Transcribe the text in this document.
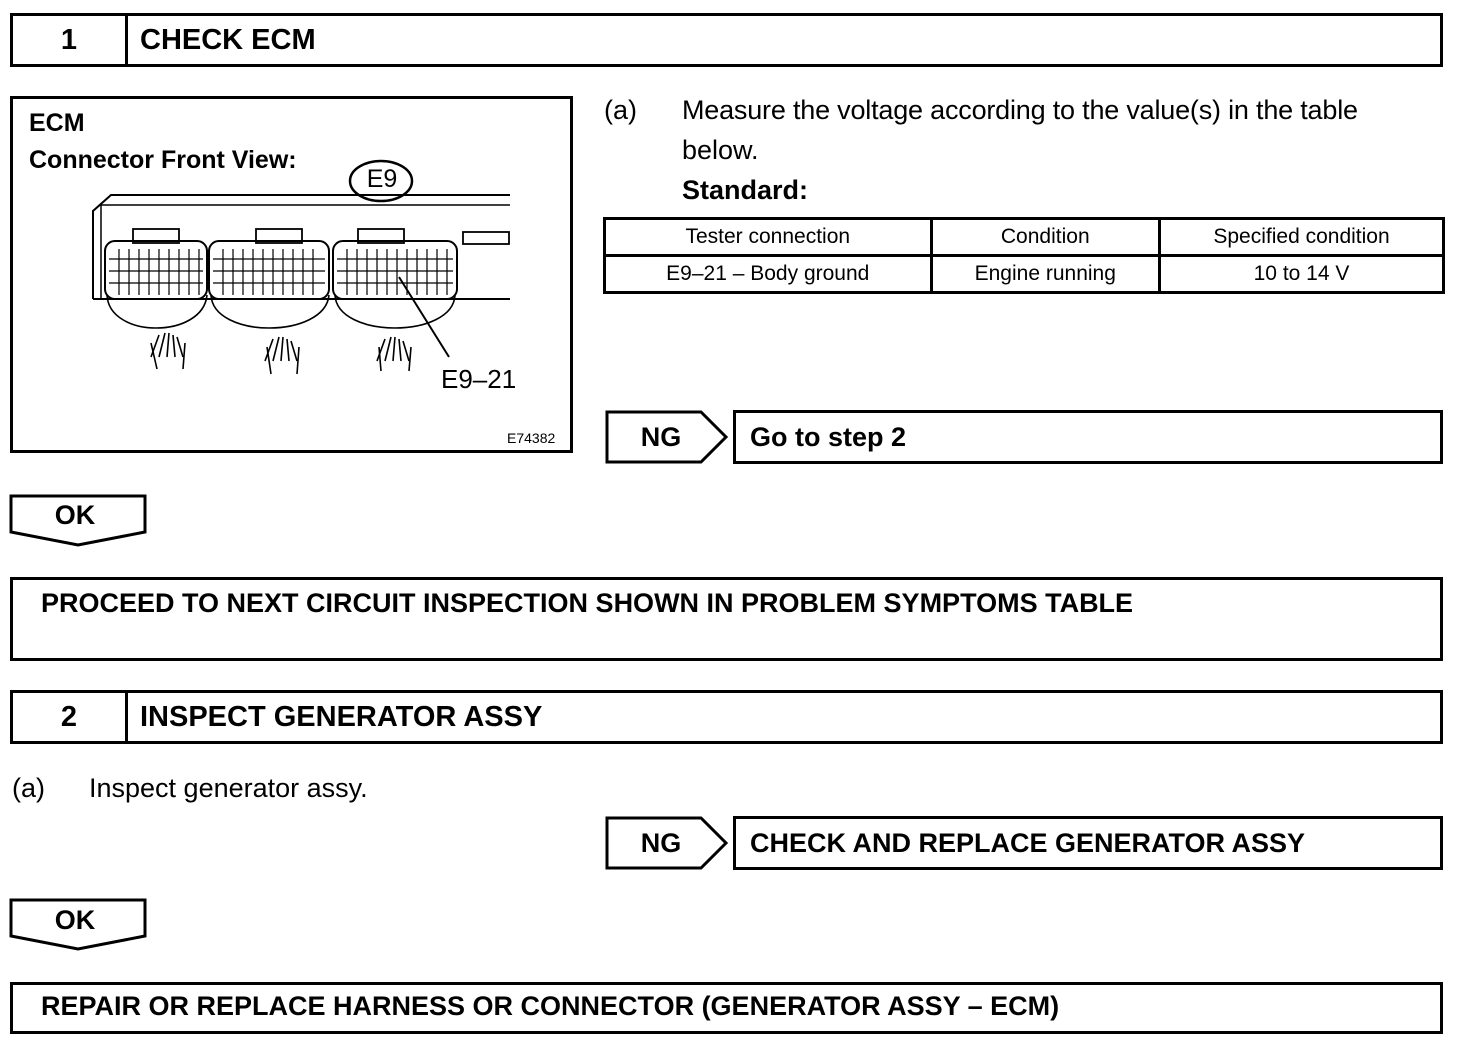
1	CHECK ECM
ECM
Connector Front View:
E9
E9–21
E74382
(a) Measure the voltage according to the value(s) in the table
below.
Standard:
Tester connection	Condition	Specified condition
E9–21 – Body ground	Engine running	10 to 14 V
NG	Go to step 2
OK
PROCEED TO NEXT CIRCUIT INSPECTION SHOWN IN PROBLEM SYMPTOMS TABLE
2	INSPECT GENERATOR ASSY
(a) Inspect generator assy.
NG	CHECK AND REPLACE GENERATOR ASSY
OK
REPAIR OR REPLACE HARNESS OR CONNECTOR (GENERATOR ASSY – ECM)
